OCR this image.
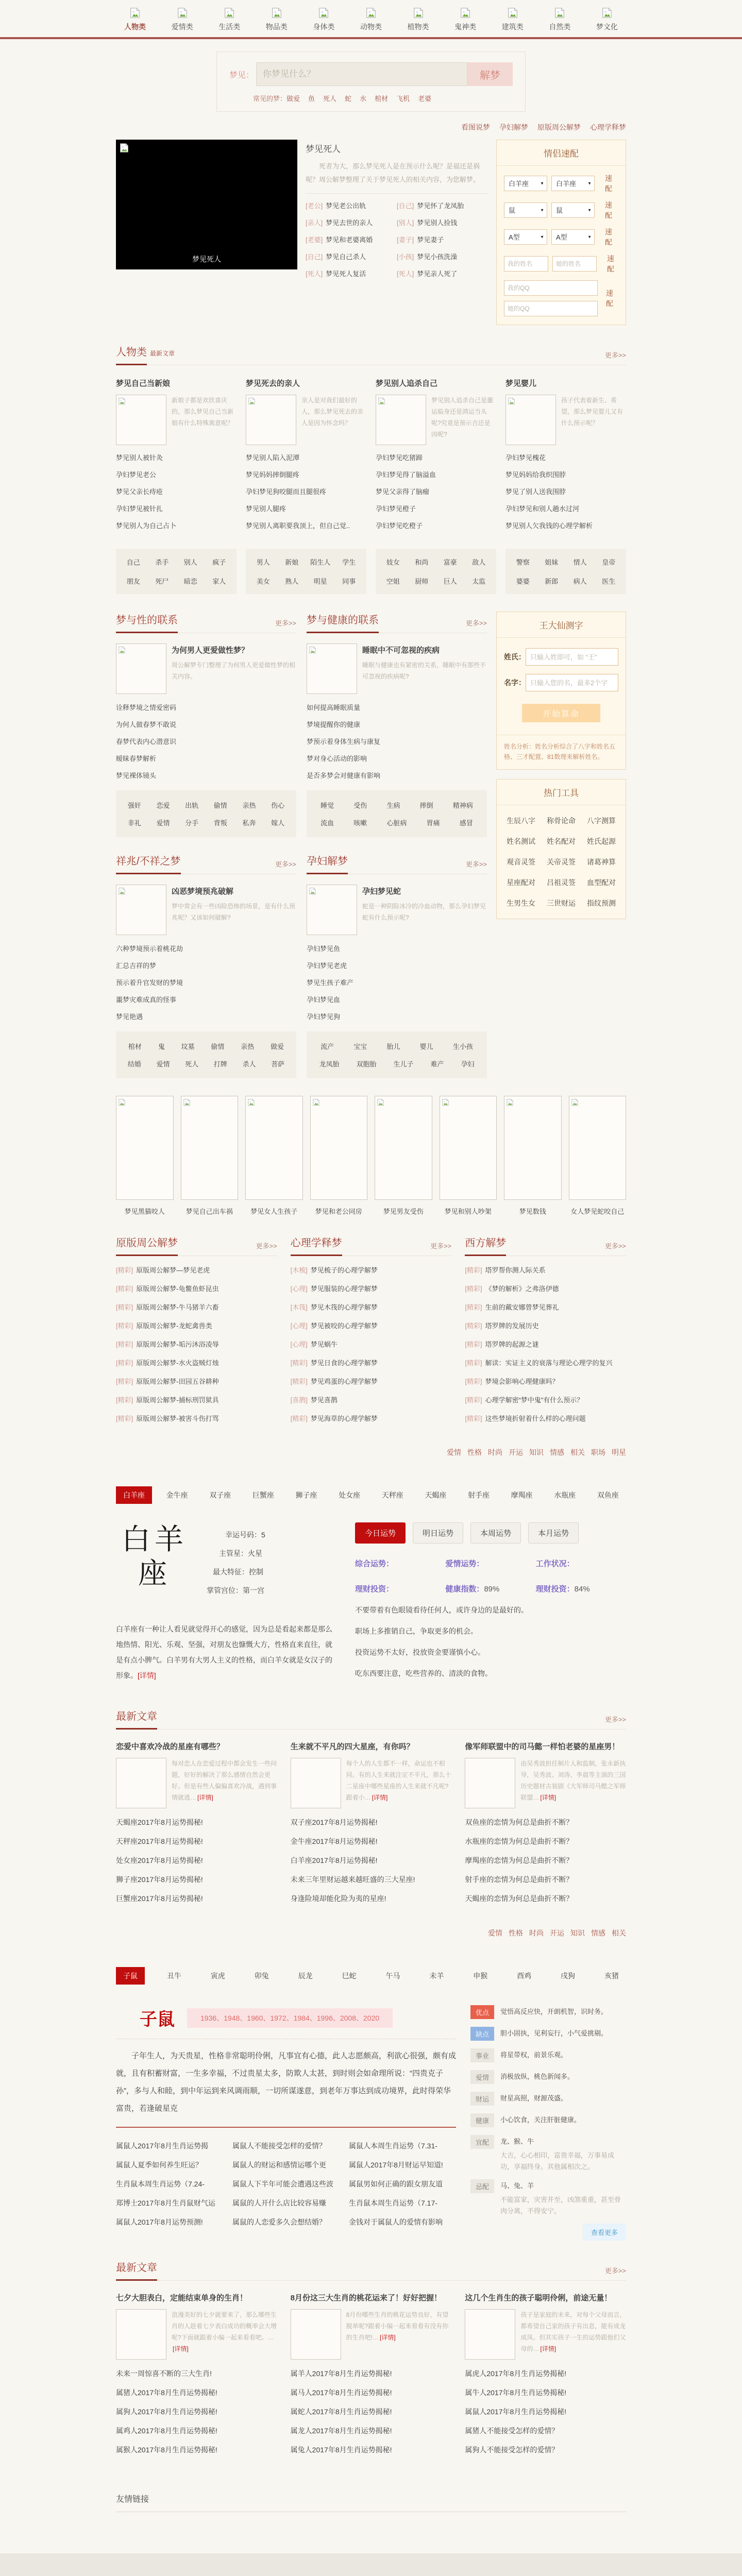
人物类	爱情类	生活类	物品类	身体类	动物类	植物类	鬼神类	建筑类	自然类	梦文化
梦见：
你梦见什么？	解梦
常见的梦：做爱 鱼 死人 蛇 水 棺材 飞机 老婆
看图说梦 孕妇解梦 原版周公解梦 心理学释梦
梦见死人
梦见死人

死者为大，那么梦见死人是在预示什么呢？是福还是祸呢？周公解梦整理了关于梦见死人的相关内容，为您解梦。

[老公] 梦见老公出轨	[自己] 梦见怀了龙凤胎
[亲人] 梦见去世的亲人	[别人] 梦见别人捡钱
[老婆] 梦见和老婆离婚	[妻子] 梦见妻子
[自己] 梦见自己杀人	[小孩] 梦见小孩洗澡
[死人] 梦见死人复活	[死人] 梦见亲人死了
情侣速配
白羊座 ▼
白羊座 ▼
速配
鼠 ▼
鼠 ▼
速配
A型 ▼
A型 ▼
速配
我的姓名
她的姓名
速配
我的QQ
她的QQ
速配
人物类 最新文章	更多>>
梦见自己当新娘

新娘子都是欢欣喜庆的，那么梦见自己当新娘有什么特殊寓意呢？

梦见别人被针灸
孕妇梦见老公
梦见父亲长痔疮
孕妇梦见被针扎
梦见别人为自己占卜
梦见死去的亲人

亲人是对我们最好的人，那么梦见死去的亲人是因为怀念吗？

梦见别人陷入泥潭
梦见妈妈摔倒腿疼
孕妇梦见狗咬腿而且腿很疼
梦见别人腿疼
梦见别人离职要我顶上，但自己觉..
梦见别人追杀自己

梦见别人追杀自己是噩运临身还是鸿运当头呢?究竟是预示吉还是凶呢?

孕妇梦见吃猪蹄
孕妇梦见得了脑溢血
梦见父亲得了脑瘤
孕妇梦见橙子
孕妇梦见吃橙子
梦见婴儿

孩子代表着新生、希望，那么梦见婴儿又有什么预示呢？

孕妇梦见槐花
梦见妈妈给我织围脖
梦见了别人送我围脖
孕妇梦见和别人趟水过河
梦见别人欠我钱的心理学解析
自己 杀手 别人 疯子
朋友 死尸 暗恋 家人
男人 新娘 陌生人 学生
美女 熟人 明星 同事
妓女 和尚 富豪 敌人
空姐 厨师 巨人 太监
警察 姐妹 情人 皇帝
婆婆 新郎 病人 医生
梦与性的联系	更多>>
为何男人更爱做性梦？

周公解梦专门整理了为何男人更爱做性梦的相关内容。

诠释梦境之情爱密码
为何人做春梦不敢说
春梦代表内心潜意识
暧昧春梦解析
梦见裸体镜头
强奸 恋爱 出轨 偷情 亲热 伤心
非礼 爱情 分手 背叛 私奔 嫁人
梦与健康的联系	更多>>
睡眠中不可忽视的疾病

睡眠与健康也有紧密的关系，睡眠中有那些不可忽视的疾病呢?

如何提高睡眠质量
梦境提醒你的健康
梦预示着身体生病与康复
梦对身心活动的影响
是否多梦会对健康有影响
睡觉	受伤	生病	摔倒	精神病
流血	咳嗽	心脏病	胃痛	感冒
祥兆/不祥之梦	更多>>
凶恶梦境预兆破解

梦中常会有一些凶险恐怖的场景，是有什么预兆呢？又该如何破解?

六种梦境预示着桃花劫
汇总吉祥的梦
预示着升官发财的梦境
噩梦灾难成真的怪事
梦见艳遇
棺材 鬼 坟墓 偷情 亲热 做爱
结婚 爱情 死人 打牌 杀人 菩萨
孕妇解梦	更多>>
孕妇梦见蛇

蛇是一种阴险冰冷的冷血动物，那么孕妇梦见蛇有什么预示呢?

孕妇梦见鱼
孕妇梦见老虎
梦见生孩子难产
孕妇梦见血
孕妇梦见狗
流产	宝宝	胎儿	婴儿	生小孩
龙凤胎	双胞胎	生儿子	难产	孕妇
王大仙测字
姓氏：
只输入姓即可，如 “王”
名字：
只输入您的名，最多2个字
开始算命

姓名分析：姓名分析综合了八字和姓名五格、三才配置、81数理来解析姓名。

热门工具
生辰八字 称骨论命 八字测算
姓名测试 姓名配对 姓氏起源
观音灵签 关帝灵签 诸葛神算
星座配对 吕祖灵签 血型配对
生男生女 三世财运 指纹预测
梦见黑猫咬人	梦见自己出车祸	梦见女人生孩子	梦见和老公同房	梦见男友受伤	梦见和别人吵架	梦见数钱	女人梦见蛇咬自己
原版周公解梦	更多>>
[精彩] 原版周公解梦—梦见老虎
[精彩] 原版周公解梦-龟鳖鱼虾昆虫
[精彩] 原版周公解梦-牛马猪羊六畜
[精彩] 原版周公解梦-龙蛇禽兽类
[精彩] 原版周公解梦-垢污沐浴凌辱
[精彩] 原版周公解梦-水火盗贼灯烛
[精彩] 原版周公解梦-田园五谷耕种
[精彩] 原版周公解梦-捕标刑罚狱具
[精彩] 原版周公解梦-被害斗伤打骂
心理学释梦	更多>>
[木梳] 梦见梳子的心理学解梦
[心理] 梦见服装的心理学解梦
[木筏] 梦见木筏的心理学解梦
[心理] 梦见被咬的心理学解梦
[心理] 梦见蜗牛
[精彩] 梦见日食的心理学解梦
[精彩] 梦见鸡蛋的心理学解梦
[喜鹊] 梦见喜鹊
[精彩] 梦见海草的心理学解梦
西方解梦	更多>>
[精彩] 塔罗帮你测人际关系
[精彩] 《梦的解析》之弗洛伊德
[精彩] 生前的戴安娜曾梦见葬礼
[精彩] 塔罗牌的发展历史
[精彩] 塔罗牌的起源之谜
[精彩] 解读：实证主义的衰落与理论心理学的复兴
[精彩] 梦境会影响心理健康吗？
[精彩] 心理学解密“梦中鬼”有什么预示？
[精彩] 这些梦境折射着什么样的心理问题
爱情 性格 时尚 开运 知识 情感 相关 职场 明星
白羊座	金牛座	双子座	巨蟹座	狮子座	处女座	天秤座	天蝎座	射手座	摩羯座	水瓶座	双鱼座
白羊
座
幸运号码：5
主管星：火星
最大特征：控制
掌管宫位：第一宫

白羊座有一种让人看见就觉得开心的感觉，因为总是看起来都是那么地热情、阳光、乐观、坚强，对朋友也慷慨大方，性格直来直往，就是有点小脾气。白羊男有大男人主义的性格，而白羊女就是女汉子的形象。[详情]

今日运势	明日运势	本周运势	本月运势
综合运势：	爱情运势：	工作状况：
理财投资：	健康指数：89%	理财投资：84%

不要带着有色眼镜看待任何人，或许身边的是最好的。

职场上多推销自己，争取更多的机会。

投资运势不太好，投放资金要谨慎小心。

吃东西要注意，吃些营养的、清淡的食物。

最新文章	更多>>
恋爱中喜欢冷战的星座有哪些？

每对恋人在恋爱过程中都会发生一些问题，好好的解决了那么感情自然会更好。但是有些人偏偏喜欢冷战，遇到事情就逃… [详情]

生来就不平凡的四大星座，有你吗？

每个人的人生都不一样，命运也不相同。有的人生来就注定不平凡，那么十二星座中哪些星座的人生来就不凡呢?跟着小… [详情]

像军师联盟中的司马懿一样怕老婆的星座男！

由吴秀波担任制片人和监制，张永新执导，吴秀波、刘涛、李晨等主演的三国历史题材古装剧《大军师司马懿之军师联盟… [详情]

天蝎座2017年8月运势揭秘!
天秤座2017年8月运势揭秘!
处女座2017年8月运势揭秘!
狮子座2017年8月运势揭秘!
巨蟹座2017年8月运势揭秘!
双子座2017年8月运势揭秘!
金牛座2017年8月运势揭秘!
白羊座2017年8月运势揭秘!
未来三年里财运越来越旺盛的三大星座!
身逢险境却能化险为夷的星座!
双鱼座的恋情为何总是曲折不断？
水瓶座的恋情为何总是曲折不断？
摩羯座的恋情为何总是曲折不断？
射手座的恋情为何总是曲折不断？
天蝎座的恋情为何总是曲折不断？
爱情 性格 时尚 开运 知识 情感 相关
子鼠	丑牛	寅虎	卯兔	辰龙	巳蛇	午马	未羊	申猴	酉鸡	戌狗	亥猪
子鼠	1936、1948、1960、1972、1984、1996、2008、2020

子年生人，为天贵星，性格非常聪明伶俐，凡事宜有心德，此人志愿颇高，利欲心很强，颇有成就，且有积蓄财富，一生多幸福，不过贵星太多，防欺人太甚，到时则会如命理所说：“四贵克子孙”，多与人和睦，到中年运到来风调雨顺，一切所谋遂意，到老年万事达到成功境界，此时得荣华富贵，若逢破星克

属鼠人2017年8月生肖运势揭
属鼠人夏季如何养生旺运？
生肖鼠本周生肖运势（7.24-
郑博士2017年8月生肖鼠财气运
属鼠人2017年8月运势预测!
属鼠人不能接受怎样的爱情？
属鼠人的财运和感情运哪个更
属鼠人下半年可能会遭遇这些波
属鼠的人开什么店比较容易赚
属鼠的人恋爱多久会想结婚？
属鼠人本周生肖运势（7.31-
属鼠人2017年8月财运早知道!
属鼠男如何正确的跟女朋友道
生肖鼠本周生肖运势（7.17-
金钱对于属鼠人的爱情有影响
优点	觉悟高反应快，开朗机智，识时务。
缺点	胆小固执，见利妄行，小气爱挑剔。
事业	将星带权，前景乐观。
爱情	消极放纵，桃色新闻多。
财运	财星高照，财源茂盛。
健康	小心饮食，关注肝脏健康。
宜配	龙、猴、牛
大吉，心心相印，富贵幸福，万事易成功，享福终身。其他属相次之。
忌配	马、兔、羊
不能富家，灾害并至，凶煞重重，甚至骨肉分离，不得安宁。
查看更多
最新文章	更多>>
七夕大胆表白，定能结束单身的生肖！

浪漫美好的七夕就要来了，那么哪些生肖的人趁着七夕表白成功的概率会大增呢?下面就跟着小编一起来看看吧。…[详情]

8月份这三大生肖的桃花运来了！好好把握！

8月份哪些生肖的桃花运势良好，有望脱单呢?跟着小编一起来看看有没有你的生肖吧!… [详情]

这几个生肖生的孩子聪明伶俐，前途无量！

孩子是家庭的未来，对每个父母而言，都希望自己家的孩子有出息，能有成龙成凤。但其实孩子一生的运势跟他们父母的… [详情]

未来一周惊喜不断的三大生肖!
属猪人2017年8月生肖运势揭秘!
属狗人2017年8月生肖运势揭秘!
属鸡人2017年8月生肖运势揭秘!
属猴人2017年8月生肖运势揭秘!
属羊人2017年8月生肖运势揭秘!
属马人2017年8月生肖运势揭秘!
属蛇人2017年8月生肖运势揭秘!
属龙人2017年8月生肖运势揭秘!
属兔人2017年8月生肖运势揭秘!
属虎人2017年8月生肖运势揭秘!
属牛人2017年8月生肖运势揭秘!
属鼠人2017年8月生肖运势揭秘!
属猪人不能接受怎样的爱情？
属狗人不能接受怎样的爱情？
友情链接
